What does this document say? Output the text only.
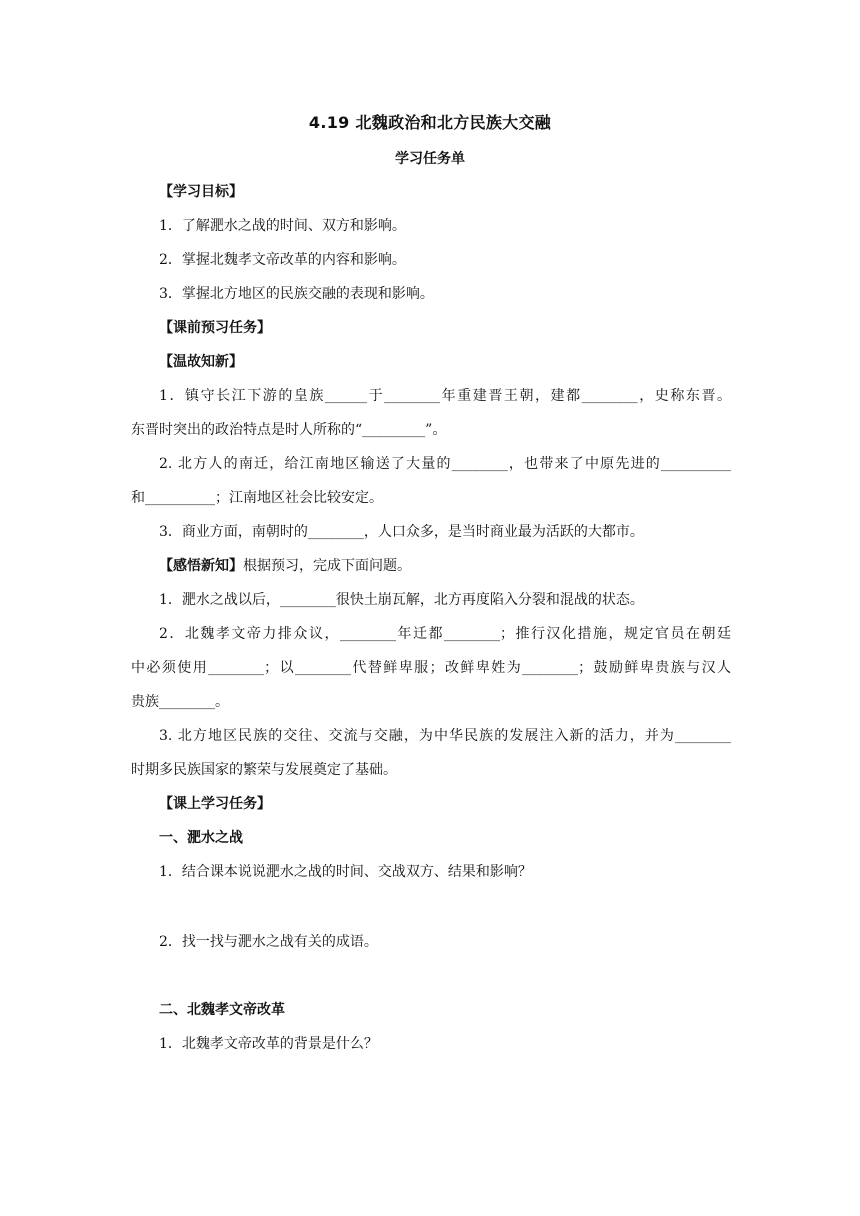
4.19 北魏政治和北方民族大交融
学习任务单
【学习目标】
1．了解淝水之战的时间、双方和影响。
2．掌握北魏孝文帝改革的内容和影响。
3．掌握北方地区的民族交融的表现和影响。
【课前预习任务】
【温故知新】
1．镇守长江下游的皇族______于________年重建晋王朝，建都________，史称东晋。
东晋时突出的政治特点是时人所称的“_________”。
2. 北方人的南迁，给江南地区输送了大量的________，也带来了中原先进的__________
和__________；江南地区社会比较安定。
3．商业方面，南朝时的________，人口众多，是当时商业最为活跃的大都市。
【感悟新知】根据预习，完成下面问题。
1．淝水之战以后，________很快土崩瓦解，北方再度陷入分裂和混战的状态。
2．北魏孝文帝力排众议，________年迁都________；推行汉化措施，规定官员在朝廷
中必须使用________；以________代替鲜卑服；改鲜卑姓为________；鼓励鲜卑贵族与汉人
贵族________。
3. 北方地区民族的交往、交流与交融，为中华民族的发展注入新的活力，并为________
时期多民族国家的繁荣与发展奠定了基础。
【课上学习任务】
一、淝水之战
1．结合课本说说淝水之战的时间、交战双方、结果和影响？
2．找一找与淝水之战有关的成语。
二、北魏孝文帝改革
1．北魏孝文帝改革的背景是什么？
